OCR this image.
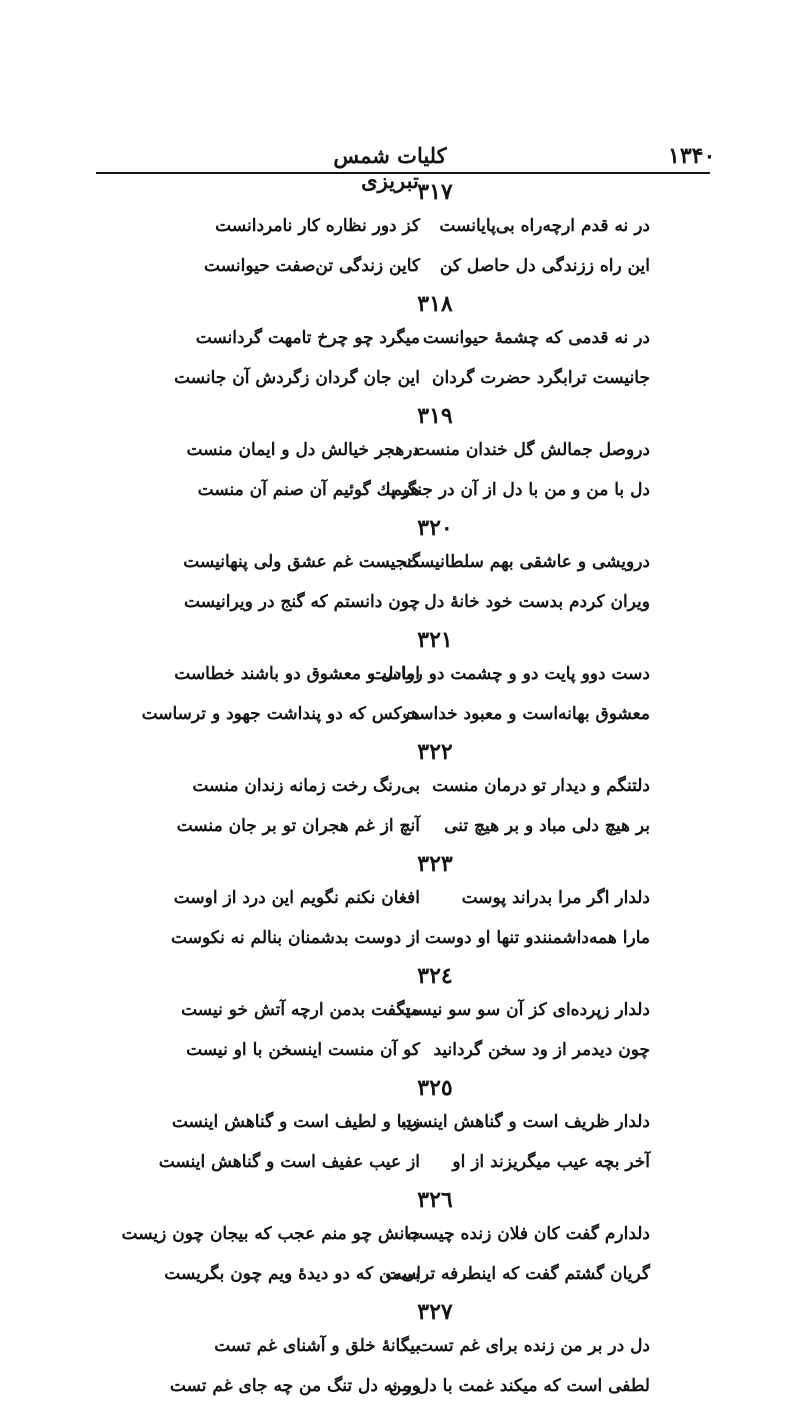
۱۳۴۰
کلیات شمس تبریزی
۳۱۷
در نه قدم ارچه‌راه بی‌پایانست
کز دور نظاره کار نامردانست
این راه ززندگی دل حاصل کن
کاین زندگی تن‌صفت حیوانست
۳۱۸
در نه قدمی که چشمهٔ حیوانست
میگرد چو چرخ تامهت گردانست
جانیست ترابگرد حضرت گردان
این جان گردان زگردش آن جانست
۳۱۹
دروصل جمالش گل خندان منست
درهجر خیالش دل و ایمان منست
دل با من و من با دل از آن در جنگیم
هر یك گوئیم آن صنم آن منست
۳۲۰
درویشی و عاشقی بهم سلطانیست
گنجیست غم عشق ولی پنهانیست
ویران کردم بدست خود خانهٔ دل
چون دانستم که گنج در ویرانیست
۳۲۱
دست دوو پایت دو و چشمت دو رواست
امادل و معشوق دو باشند خطاست
معشوق بهانه‌است و معبود خداست
هرکس که دو پنداشت جهود و ترساست
۳۲۲
دلتنگم و دیدار تو درمان منست
بی‌رنگ رخت زمانه زندان منست
بر هیچ دلی مباد و بر هیچ تنی
آنچ از غم هجران تو بر جان منست
۳۲۳
دلدار اگر مرا بدراند پوست
افغان نکنم نگویم این درد از اوست
مارا همه‌داشمنندو تنها او دوست
از دوست بدشمنان بنالم نه نکوست
۳۲٤
دلدار زپرده‌ای کز آن سو سو نیست
میگفت بدمن ارچه آتش خو نیست
چون دیدمر از ود سخن گردانید
کو آن منست اینسخن با او نیست
۳۲٥
دلدار ظریف است و گناهش اینست
زیبا و لطیف است و گناهش اینست
آخر بچه عیب میگریزند از او
از عیب عفیف است و گناهش اینست
۳۲٦
دلدارم گفت کان فلان زنده چیست
جانش چو منم عجب که بیجان چون زیست
گریان گشتم گفت که اینطرفه تراست
بی‌من که دو دیده‌ٔ ویم چون بگریست
۳۲۷
دل در بر من زنده برای غم تست
بیگانهٔ خلق و آشنای غم تست
لطفی است که میکند غمت با دل من
ور نه دل تنگ من چه جای غم تست
